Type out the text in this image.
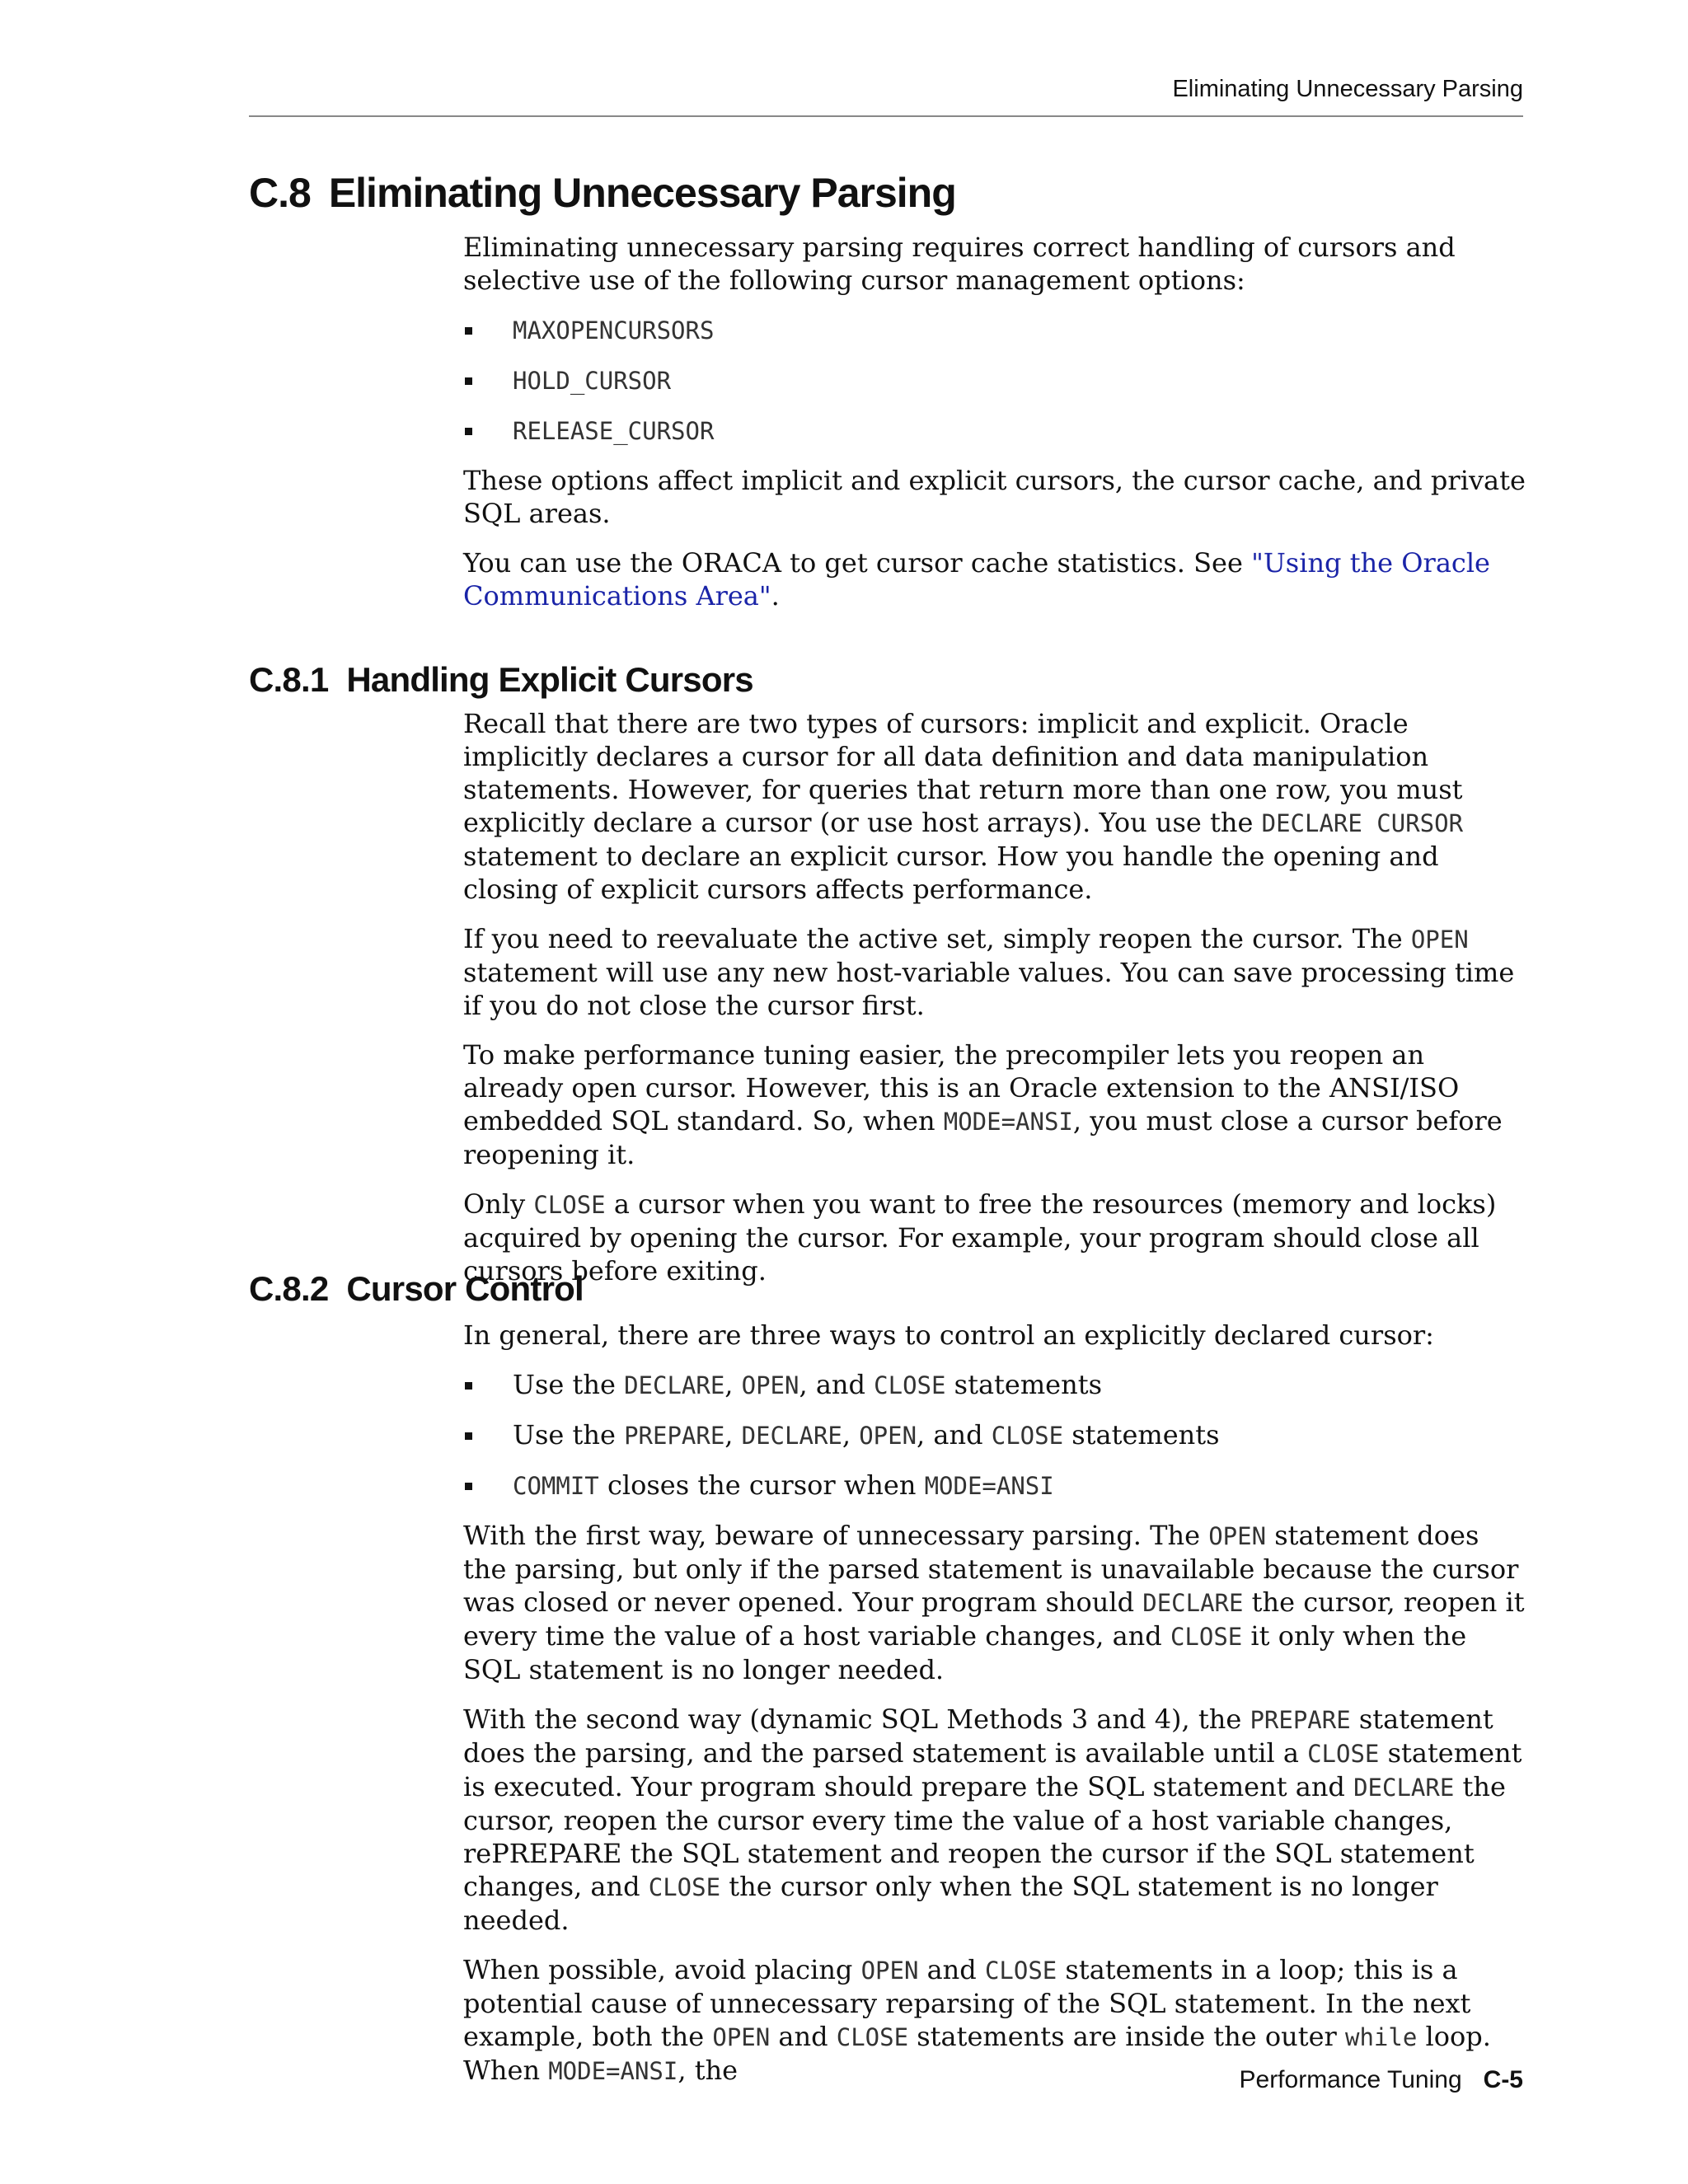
Eliminating Unnecessary Parsing
C.8 Eliminating Unnecessary Parsing

Eliminating unnecessary parsing requires correct handling of cursors and selective use of the following cursor management options:

MAXOPENCURSORS
HOLD_CURSOR
RELEASE_CURSOR

These options affect implicit and explicit cursors, the cursor cache, and private SQL areas.

You can use the ORACA to get cursor cache statistics. See "Using the Oracle Communications Area".

C.8.1 Handling Explicit Cursors

Recall that there are two types of cursors: implicit and explicit. Oracle implicitly declares a cursor for all data definition and data manipulation statements. However, for queries that return more than one row, you must explicitly declare a cursor (or use host arrays). You use the DECLARE CURSOR statement to declare an explicit cursor. How you handle the opening and closing of explicit cursors affects performance.

If you need to reevaluate the active set, simply reopen the cursor. The OPEN statement will use any new host-variable values. You can save processing time if you do not close the cursor first.

To make performance tuning easier, the precompiler lets you reopen an already open cursor. However, this is an Oracle extension to the ANSI/ISO embedded SQL standard. So, when MODE=ANSI, you must close a cursor before reopening it.

Only CLOSE a cursor when you want to free the resources (memory and locks) acquired by opening the cursor. For example, your program should close all cursors before exiting.

C.8.2 Cursor Control

In general, there are three ways to control an explicitly declared cursor:

Use the DECLARE, OPEN, and CLOSE statements
Use the PREPARE, DECLARE, OPEN, and CLOSE statements
COMMIT closes the cursor when MODE=ANSI

With the first way, beware of unnecessary parsing. The OPEN statement does the parsing, but only if the parsed statement is unavailable because the cursor was closed or never opened. Your program should DECLARE the cursor, reopen it every time the value of a host variable changes, and CLOSE it only when the SQL statement is no longer needed.

With the second way (dynamic SQL Methods 3 and 4), the PREPARE statement does the parsing, and the parsed statement is available until a CLOSE statement is executed. Your program should prepare the SQL statement and DECLARE the cursor, reopen the cursor every time the value of a host variable changes, rePREPARE the SQL statement and reopen the cursor if the SQL statement changes, and CLOSE the cursor only when the SQL statement is no longer needed.

When possible, avoid placing OPEN and CLOSE statements in a loop; this is a potential cause of unnecessary reparsing of the SQL statement. In the next example, both the OPEN and CLOSE statements are inside the outer while loop. When MODE=ANSI, the	Performance Tuning C-5
